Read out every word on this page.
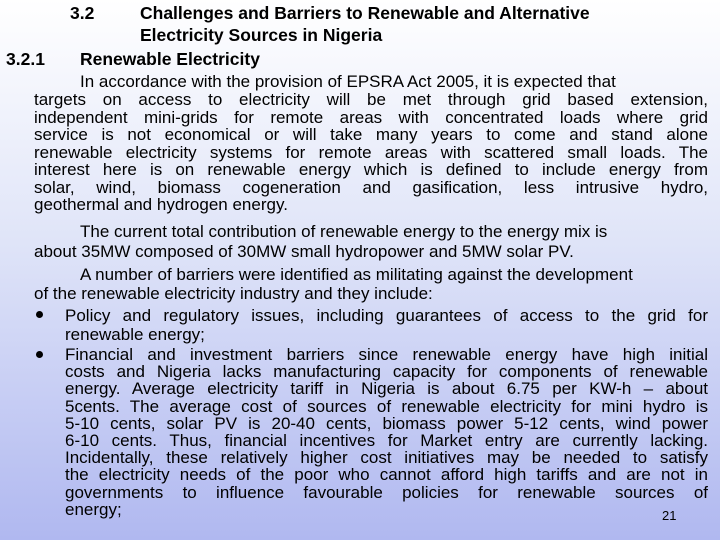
3.2	Challenges and Barriers to Renewable and Alternative
Electricity Sources in Nigeria
3.2.1 Renewable Electricity
In accordance with the provision of EPSRA Act 2005, it is expected that
targets on access to electricity will be met through grid based extension,
independent mini-grids for remote areas with concentrated loads where grid
service is not economical or will take many years to come and stand alone
renewable electricity systems for remote areas with scattered small loads. The
interest here is on renewable energy which is defined to include energy from
solar, wind, biomass cogeneration and gasification, less intrusive hydro,
geothermal and hydrogen energy.
The current total contribution of renewable energy to the energy mix is
about 35MW composed of 30MW small hydropower and 5MW solar PV.
A number of barriers were identified as militating against the development
of the renewable electricity industry and they include:
Policy and regulatory issues, including guarantees of access to the grid for
renewable energy;
Financial and investment barriers since renewable energy have high initial
costs and Nigeria lacks manufacturing capacity for components of renewable
energy. Average electricity tariff in Nigeria is about 6.75 per KW-h – about
5cents. The average cost of sources of renewable electricity for mini hydro is
5-10 cents, solar PV is 20-40 cents, biomass power 5-12 cents, wind power
6-10 cents. Thus, financial incentives for Market entry are currently lacking.
Incidentally, these relatively higher cost initiatives may be needed to satisfy
the electricity needs of the poor who cannot afford high tariffs and are not in
governments to influence favourable policies for renewable sources of
energy;	21
